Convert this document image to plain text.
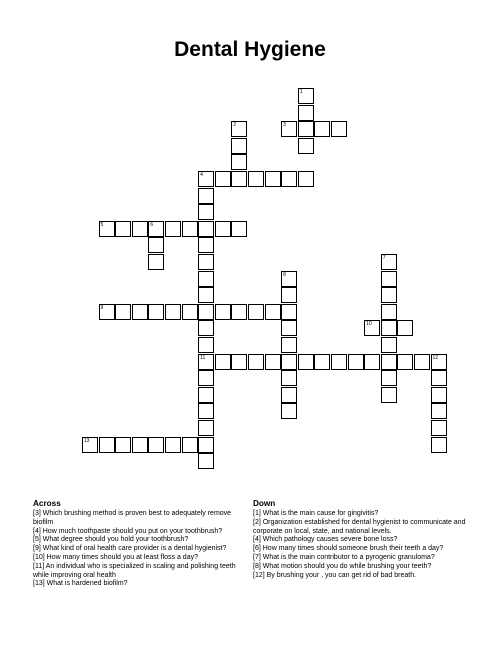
Dental Hygiene
1
2	3
4
11
5	6
7
8
9
10
12
13
Across

[3] Which brushing method is proven best to adequately remove biofilm

[4] How much toothpaste should you put on your toothbrush?

[5] What degree should you hold your toothbrush?

[9] What kind of oral health care provider is a dental hygienist?

[10] How many times should you at least floss a day?

[11] An individual who is specialized in scaling and polishing teeth while improving oral health

[13] What is hardened biofilm?

Down

[1] What is the main cause for gingivitis?

[2] Organization established for dental hygienist to communicate and corporate on local, state, and national levels.

[4] Which pathology causes severe bone loss?

[6] How many times should someone brush their teeth a day?

[7] What is the main contributor to a pyrogenic granuloma?

[8] What motion should you do while brushing your teeth?

[12] By brushing your , you can get rid of bad breath.
